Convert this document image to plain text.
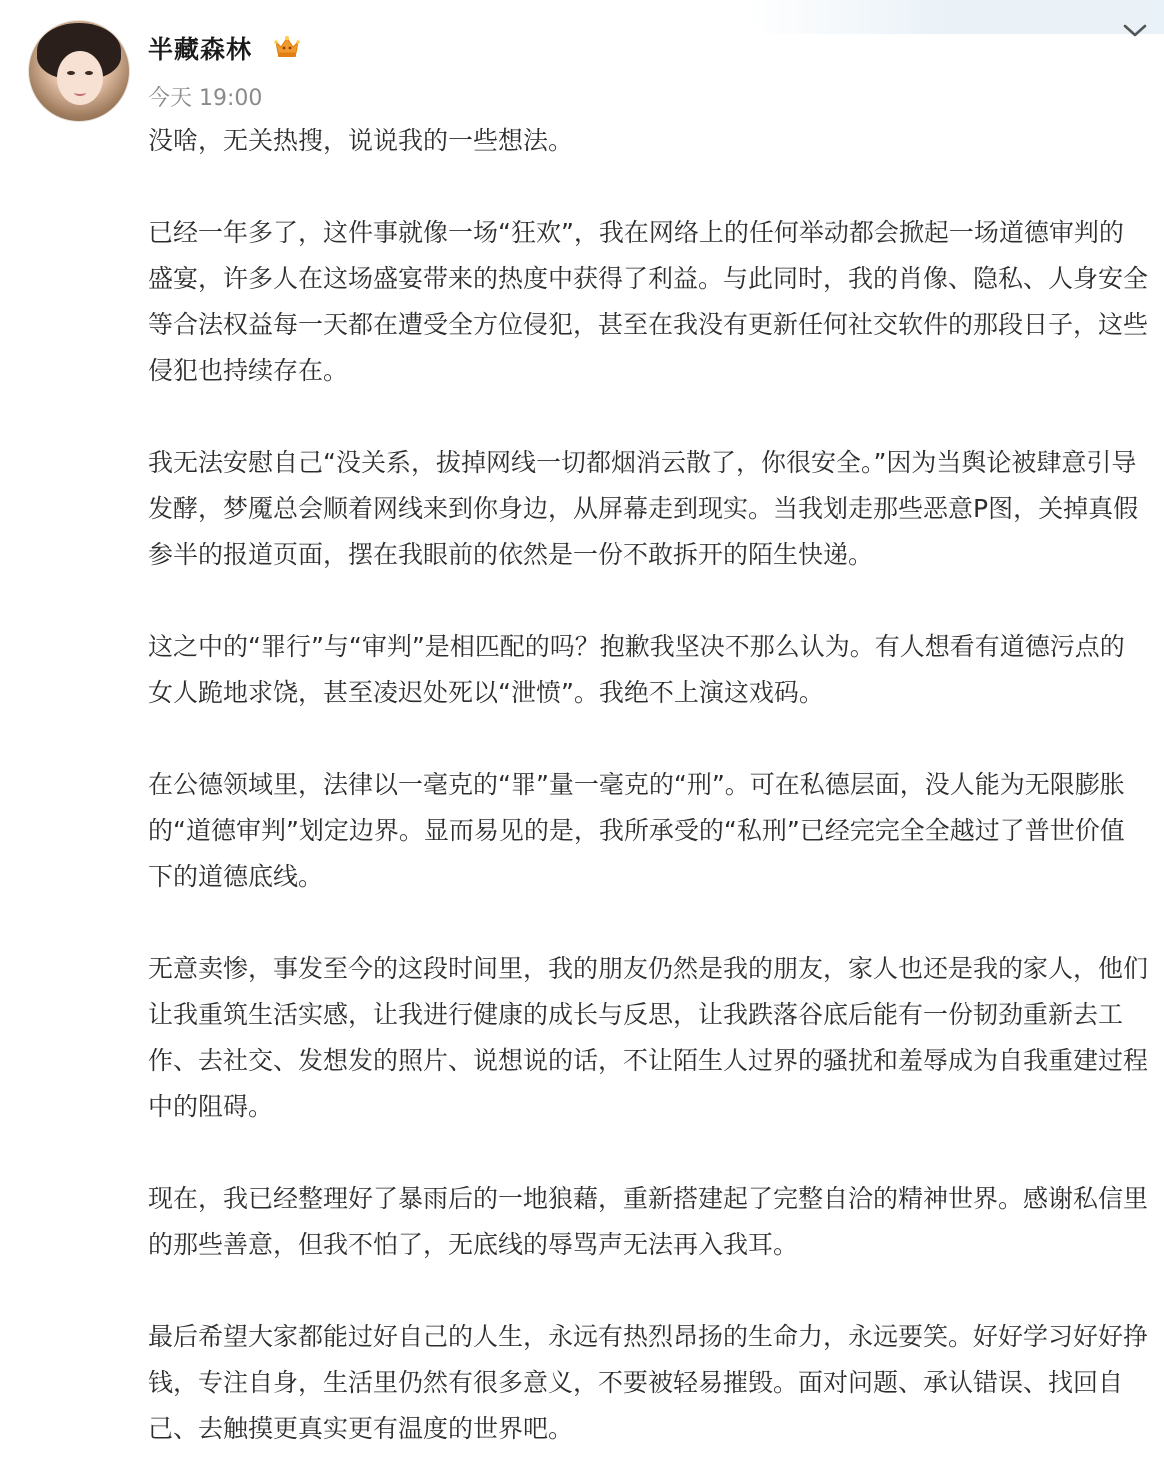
半藏森林
今天 19:00

没啥，无关热搜，说说我的一些想法。

已经一年多了，这件事就像一场“狂欢”，我在网络上的任何举动都会掀起一场道德审判的盛宴，许多人在这场盛宴带来的热度中获得了利益。与此同时，我的肖像、隐私、人身安全等合法权益每一天都在遭受全方位侵犯，甚至在我没有更新任何社交软件的那段日子，这些侵犯也持续存在。

我无法安慰自己“没关系，拔掉网线一切都烟消云散了，你很安全。”因为当舆论被肆意引导发酵，梦魇总会顺着网线来到你身边，从屏幕走到现实。当我划走那些恶意P图，关掉真假参半的报道页面，摆在我眼前的依然是一份不敢拆开的陌生快递。

这之中的“罪行”与“审判”是相匹配的吗？抱歉我坚决不那么认为。有人想看有道德污点的女人跪地求饶，甚至凌迟处死以“泄愤”。我绝不上演这戏码。

在公德领域里，法律以一毫克的“罪”量一毫克的“刑”。可在私德层面，没人能为无限膨胀的“道德审判”划定边界。显而易见的是，我所承受的“私刑”已经完完全全越过了普世价值下的道德底线。

无意卖惨，事发至今的这段时间里，我的朋友仍然是我的朋友，家人也还是我的家人，他们让我重筑生活实感，让我进行健康的成长与反思，让我跌落谷底后能有一份韧劲重新去工作、去社交、发想发的照片、说想说的话，不让陌生人过界的骚扰和羞辱成为自我重建过程中的阻碍。

现在，我已经整理好了暴雨后的一地狼藉，重新搭建起了完整自洽的精神世界。感谢私信里的那些善意，但我不怕了，无底线的辱骂声无法再入我耳。

最后希望大家都能过好自己的人生，永远有热烈昂扬的生命力，永远要笑。好好学习好好挣钱，专注自身，生活里仍然有很多意义，不要被轻易摧毁。面对问题、承认错误、找回自己、去触摸更真实更有温度的世界吧。
